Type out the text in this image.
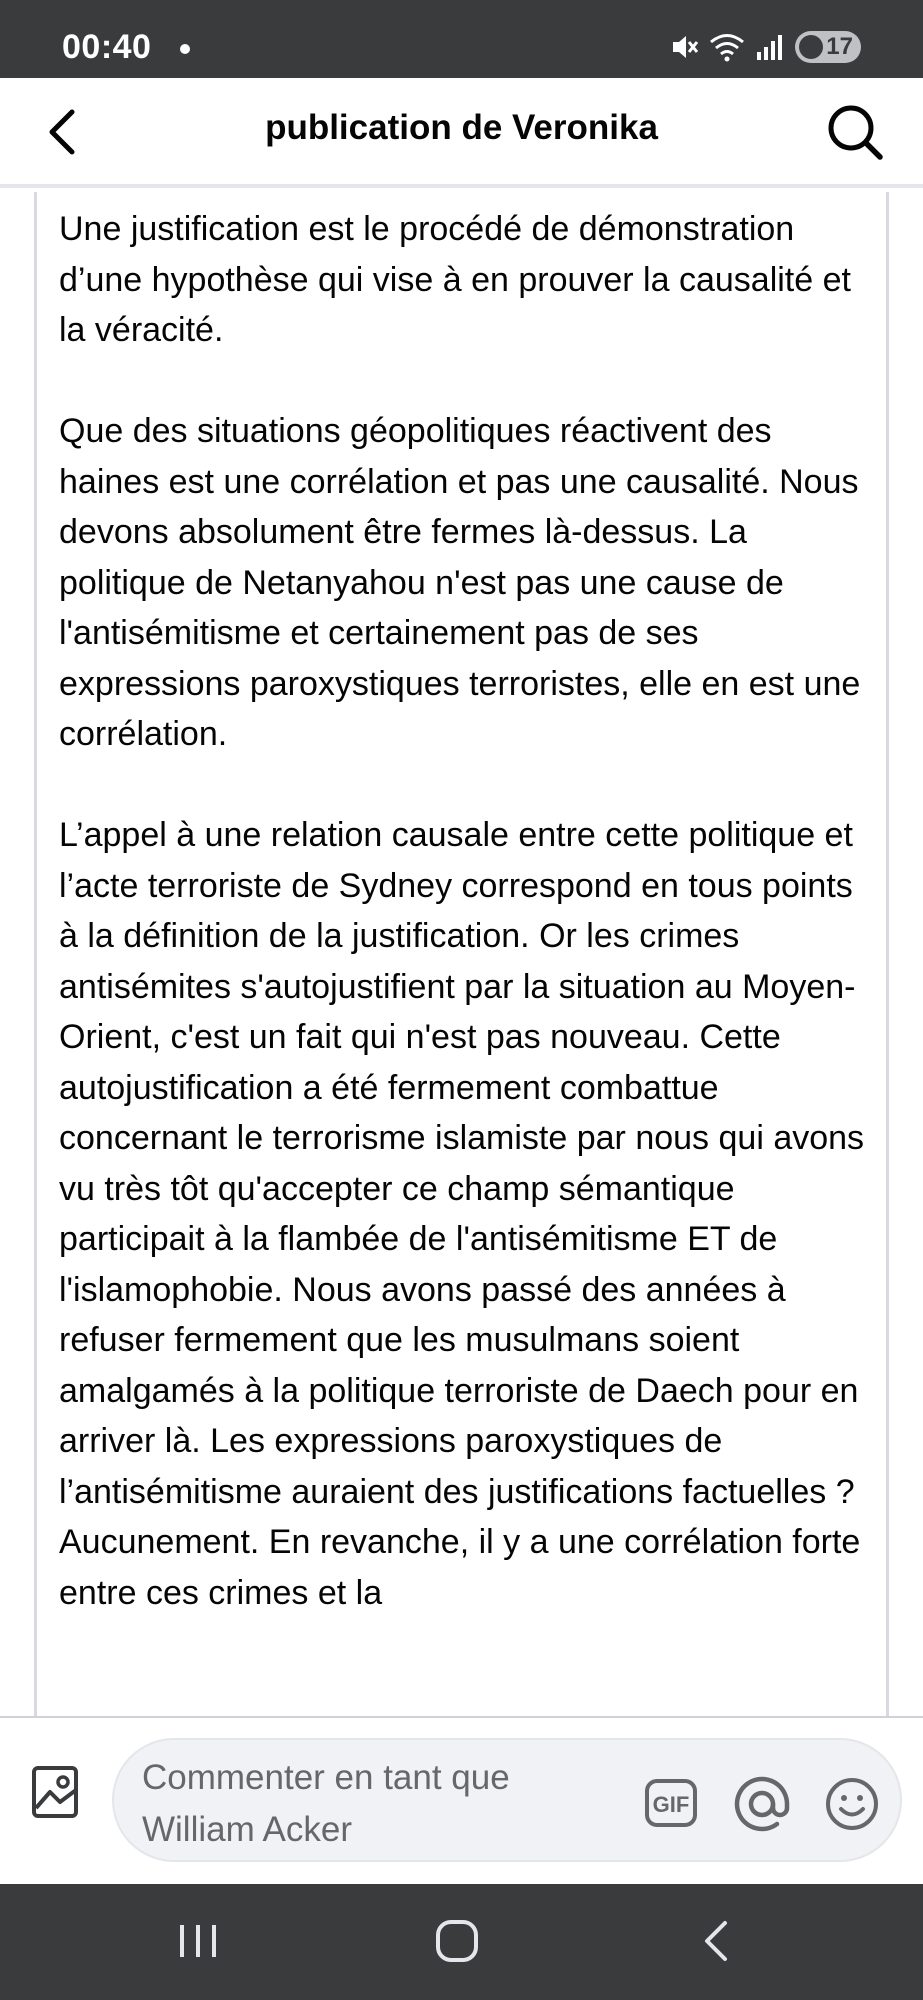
00:40	17
publication de Veronika

Une justification est le procédé de démonstration d’une hypothèse qui vise à en prouver la causalité et la véracité.

Que des situations géopolitiques réactivent des haines est une corrélation et pas une causalité. Nous devons absolument être fermes là-dessus. La politique de Netanyahou n'est pas une cause de l'antisémitisme et certainement pas de ses expressions paroxystiques terroristes, elle en est une corrélation.

L’appel à une relation causale entre cette politique et l’acte terroriste de Sydney correspond en tous points à la définition de la justification. Or les crimes antisémites s'autojustifient par la situation au Moyen-Orient, c'est un fait qui n'est pas nouveau. Cette autojustification a été fermement combattue concernant le terrorisme islamiste par nous qui avons vu très tôt qu'accepter ce champ sémantique participait à la flambée de l'antisémitisme ET de l'islamophobie. Nous avons passé des années à refuser fermement que les musulmans soient amalgamés à la politique terroriste de Daech pour en arriver là. Les expressions paroxystiques de l’antisémitisme auraient des justifications factuelles ? Aucunement. En revanche, il y a une corrélation forte entre ces crimes et la

Commenter en tant que William Acker
GIF
